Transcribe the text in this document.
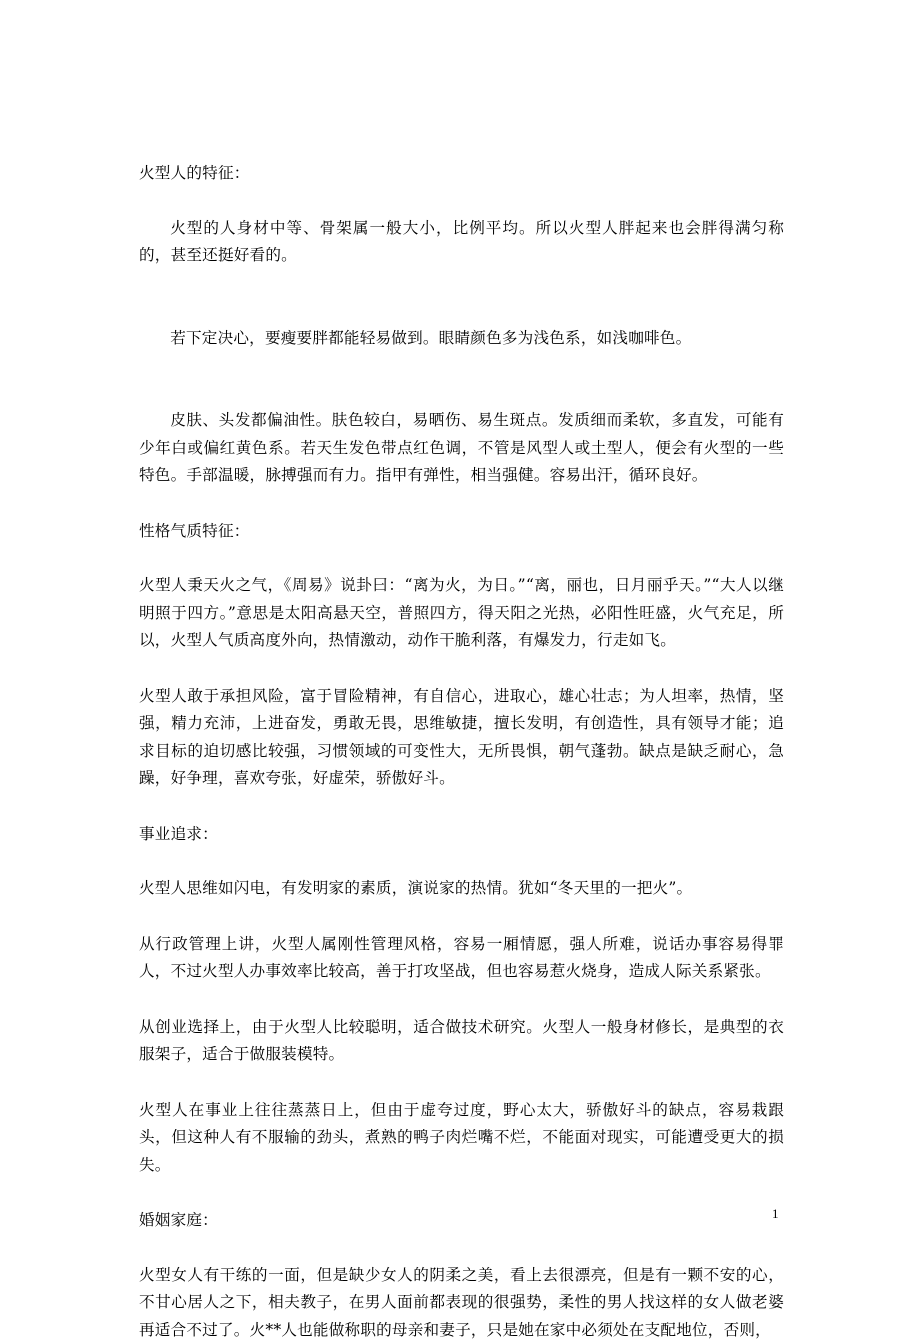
火型人的特征：

火型的人身材中等、骨架属一般大小，比例平均。所以火型人胖起来也会胖得满匀称的，甚至还挺好看的。

若下定决心，要瘦要胖都能轻易做到。眼睛颜色多为浅色系，如浅咖啡色。

皮肤、头发都偏油性。肤色较白，易晒伤、易生斑点。发质细而柔软，多直发，可能有少年白或偏红黄色系。若天生发色带点红色调，不管是风型人或土型人，便会有火型的一些特色。手部温暖，脉搏强而有力。指甲有弹性，相当强健。容易出汗，循环良好。

性格气质特征：

火型人秉天火之气，《周易》说卦曰：“离为火，为日。”“离，丽也，日月丽乎天。”“大人以继明照于四方。”意思是太阳高悬天空，普照四方，得天阳之光热，必阳性旺盛，火气充足，所以，火型人气质高度外向，热情激动，动作干脆利落，有爆发力，行走如飞。

火型人敢于承担风险，富于冒险精神，有自信心，进取心，雄心壮志；为人坦率，热情，坚强，精力充沛，上进奋发，勇敢无畏，思维敏捷，擅长发明，有创造性，具有领导才能；追求目标的迫切感比较强，习惯领域的可变性大，无所畏惧，朝气蓬勃。缺点是缺乏耐心，急躁，好争理，喜欢夸张，好虚荣，骄傲好斗。

事业追求：

火型人思维如闪电，有发明家的素质，演说家的热情。犹如“冬天里的一把火”。

从行政管理上讲，火型人属刚性管理风格，容易一厢情愿，强人所难，说话办事容易得罪人，不过火型人办事效率比较高，善于打攻坚战，但也容易惹火烧身，造成人际关系紧张。

从创业选择上，由于火型人比较聪明，适合做技术研究。火型人一般身材修长，是典型的衣服架子，适合于做服装模特。

火型人在事业上往往蒸蒸日上，但由于虚夸过度，野心太大，骄傲好斗的缺点，容易栽跟头，但这种人有不服输的劲头，煮熟的鸭子肉烂嘴不烂，不能面对现实，可能遭受更大的损失。

婚姻家庭：

火型女人有干练的一面，但是缺少女人的阴柔之美，看上去很漂亮，但是有一颗不安的心，不甘心居人之下，相夫教子，在男人面前都表现的很强势，柔性的男人找这样的女人做老婆再适合不过了。火**人也能做称职的母亲和妻子，只是她在家中必须处在支配地位，否则，

1
